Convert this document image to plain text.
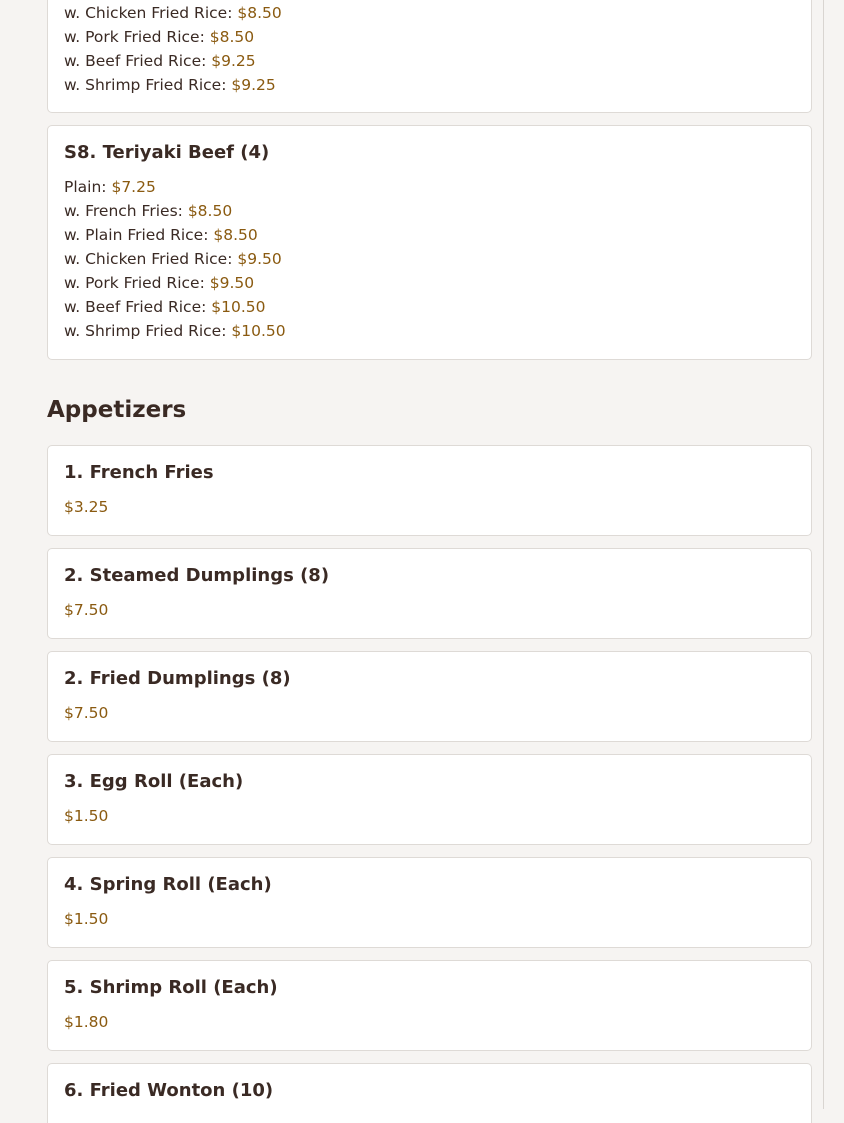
w. Chicken Fried Rice: $8.50
w. Pork Fried Rice: $8.50
w. Beef Fried Rice: $9.25
w. Shrimp Fried Rice: $9.25
S8. Teriyaki Beef (4)
Plain: $7.25
w. French Fries: $8.50
w. Plain Fried Rice: $8.50
w. Chicken Fried Rice: $9.50
w. Pork Fried Rice: $9.50
w. Beef Fried Rice: $10.50
w. Shrimp Fried Rice: $10.50
Appetizers
1. French Fries
$3.25
2. Steamed Dumplings (8)
$7.50
2. Fried Dumplings (8)
$7.50
3. Egg Roll (Each)
$1.50
4. Spring Roll (Each)
$1.50
5. Shrimp Roll (Each)
$1.80
6. Fried Wonton (10)
